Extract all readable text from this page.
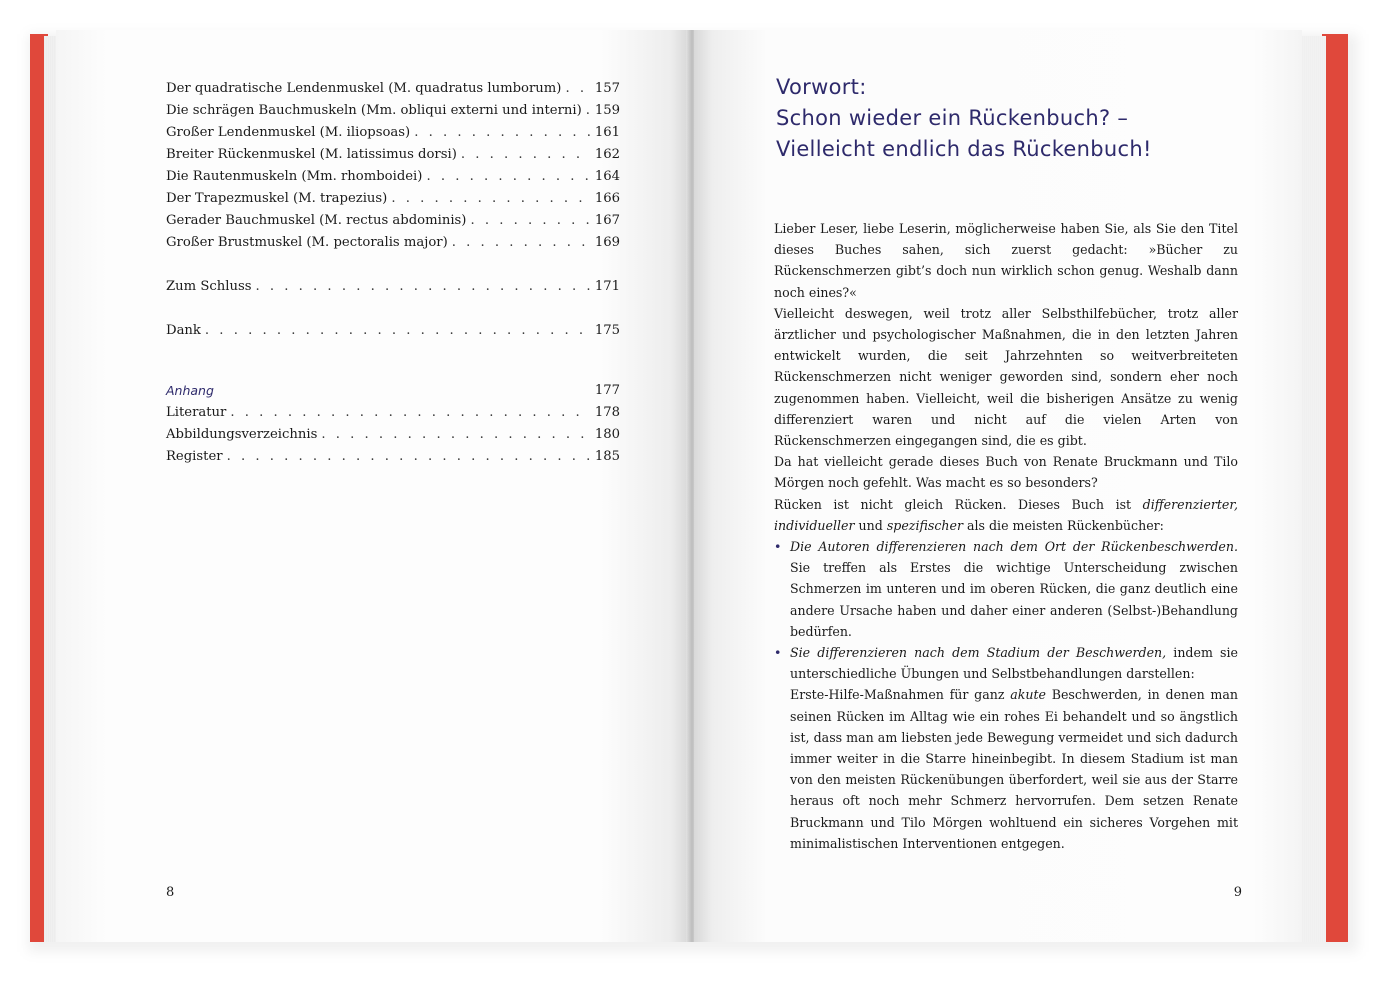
Der quadratische Lendenmuskel (M. quadratus lumborum) . . .	157
Die schrägen Bauchmuskeln (Mm. obliqui externi und interni) . . . 159
Großer Lendenmuskel (M. iliopsoas) . . .	161
Breiter Rückenmuskel (M. latissimus dorsi) . . .	162
Die Rautenmuskeln (Mm. rhomboidei) . . .	164
Der Trapezmuskel (M. trapezius) . . .	166
Gerader Bauchmuskel (M. rectus abdominis) . . .	167
Großer Brustmuskel (M. pectoralis major) . . .	169
Zum Schluss . . .	171
Dank . . .	175
Anhang	177
Literatur . . .	178
Abbildungsverzeichnis . . .	180
Register . . .	185
8
Vorwort:
Schon wieder ein Rückenbuch? –
Vielleicht endlich das Rückenbuch!

Lieber Leser, liebe Leserin, möglicherweise haben Sie, als Sie den Titel dieses Buches sahen, sich zuerst gedacht: »Bücher zu Rückenschmerzen gibt’s doch nun wirklich schon genug. Weshalb dann noch eines?«

Vielleicht deswegen, weil trotz aller Selbsthilfebücher, trotz aller ärztlicher und psychologischer Maßnahmen, die in den letzten Jahren entwickelt wurden, die seit Jahrzehnten so weitverbreiteten Rückenschmerzen nicht weniger geworden sind, sondern eher noch zugenommen haben. Vielleicht, weil die bisherigen Ansätze zu wenig differenziert waren und nicht auf die vielen Arten von Rückenschmerzen eingegangen sind, die es gibt.

Da hat vielleicht gerade dieses Buch von Renate Bruckmann und Tilo Mörgen noch gefehlt. Was macht es so besonders?

Rücken ist nicht gleich Rücken. Dieses Buch ist differenzierter, individueller und spezifischer als die meisten Rückenbücher:

• Die Autoren differenzieren nach dem Ort der Rückenbeschwerden. Sie treffen als Erstes die wichtige Unterscheidung zwischen Schmerzen im unteren und im oberen Rücken, die ganz deutlich eine andere Ursache haben und daher einer anderen (Selbst-)Behandlung bedürfen.
• Sie differenzieren nach dem Stadium der Beschwerden, indem sie unterschiedliche Übungen und Selbstbehandlungen darstellen:
Erste-Hilfe-Maßnahmen für ganz akute Beschwerden, in denen man seinen Rücken im Alltag wie ein rohes Ei behandelt und so ängstlich ist, dass man am liebsten jede Bewegung vermeidet und sich dadurch immer weiter in die Starre hineinbegibt. In diesem Stadium ist man von den meisten Rückenübungen überfordert, weil sie aus der Starre heraus oft noch mehr Schmerz hervorrufen. Dem setzen Renate Bruckmann und Tilo Mörgen wohltuend ein sicheres Vorgehen mit minimalistischen Interventionen entgegen.
9
